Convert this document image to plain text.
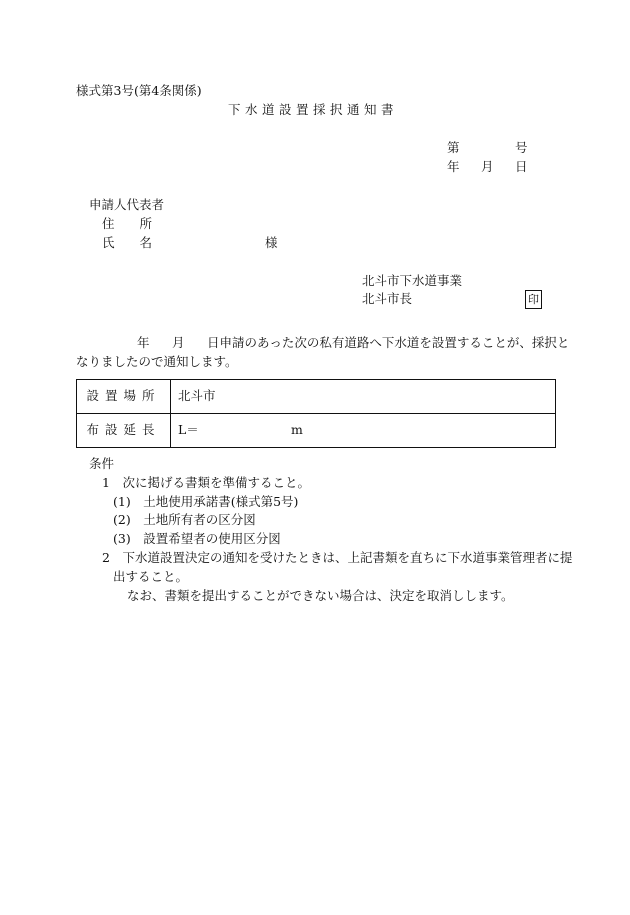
様式第3号(第4条関係)
下水道設置採択通知書
第	号
年 月 日
申請人代表者
住　　所
氏　　名	様
北斗市下水道事業
北斗市長	印
年 月 日申請のあった次の私有道路へ下水道を設置することが、採択と
なりましたので通知します。
設置場所	北斗市
布設延長	L＝ m
条件
1　次に掲げる書類を準備すること。
(1)　土地使用承諾書(様式第5号)
(2)　土地所有者の区分図
(3)　設置希望者の使用区分図
2　下水道設置決定の通知を受けたときは、上記書類を直ちに下水道事業管理者に提
出すること。
なお、書類を提出することができない場合は、決定を取消しします。
